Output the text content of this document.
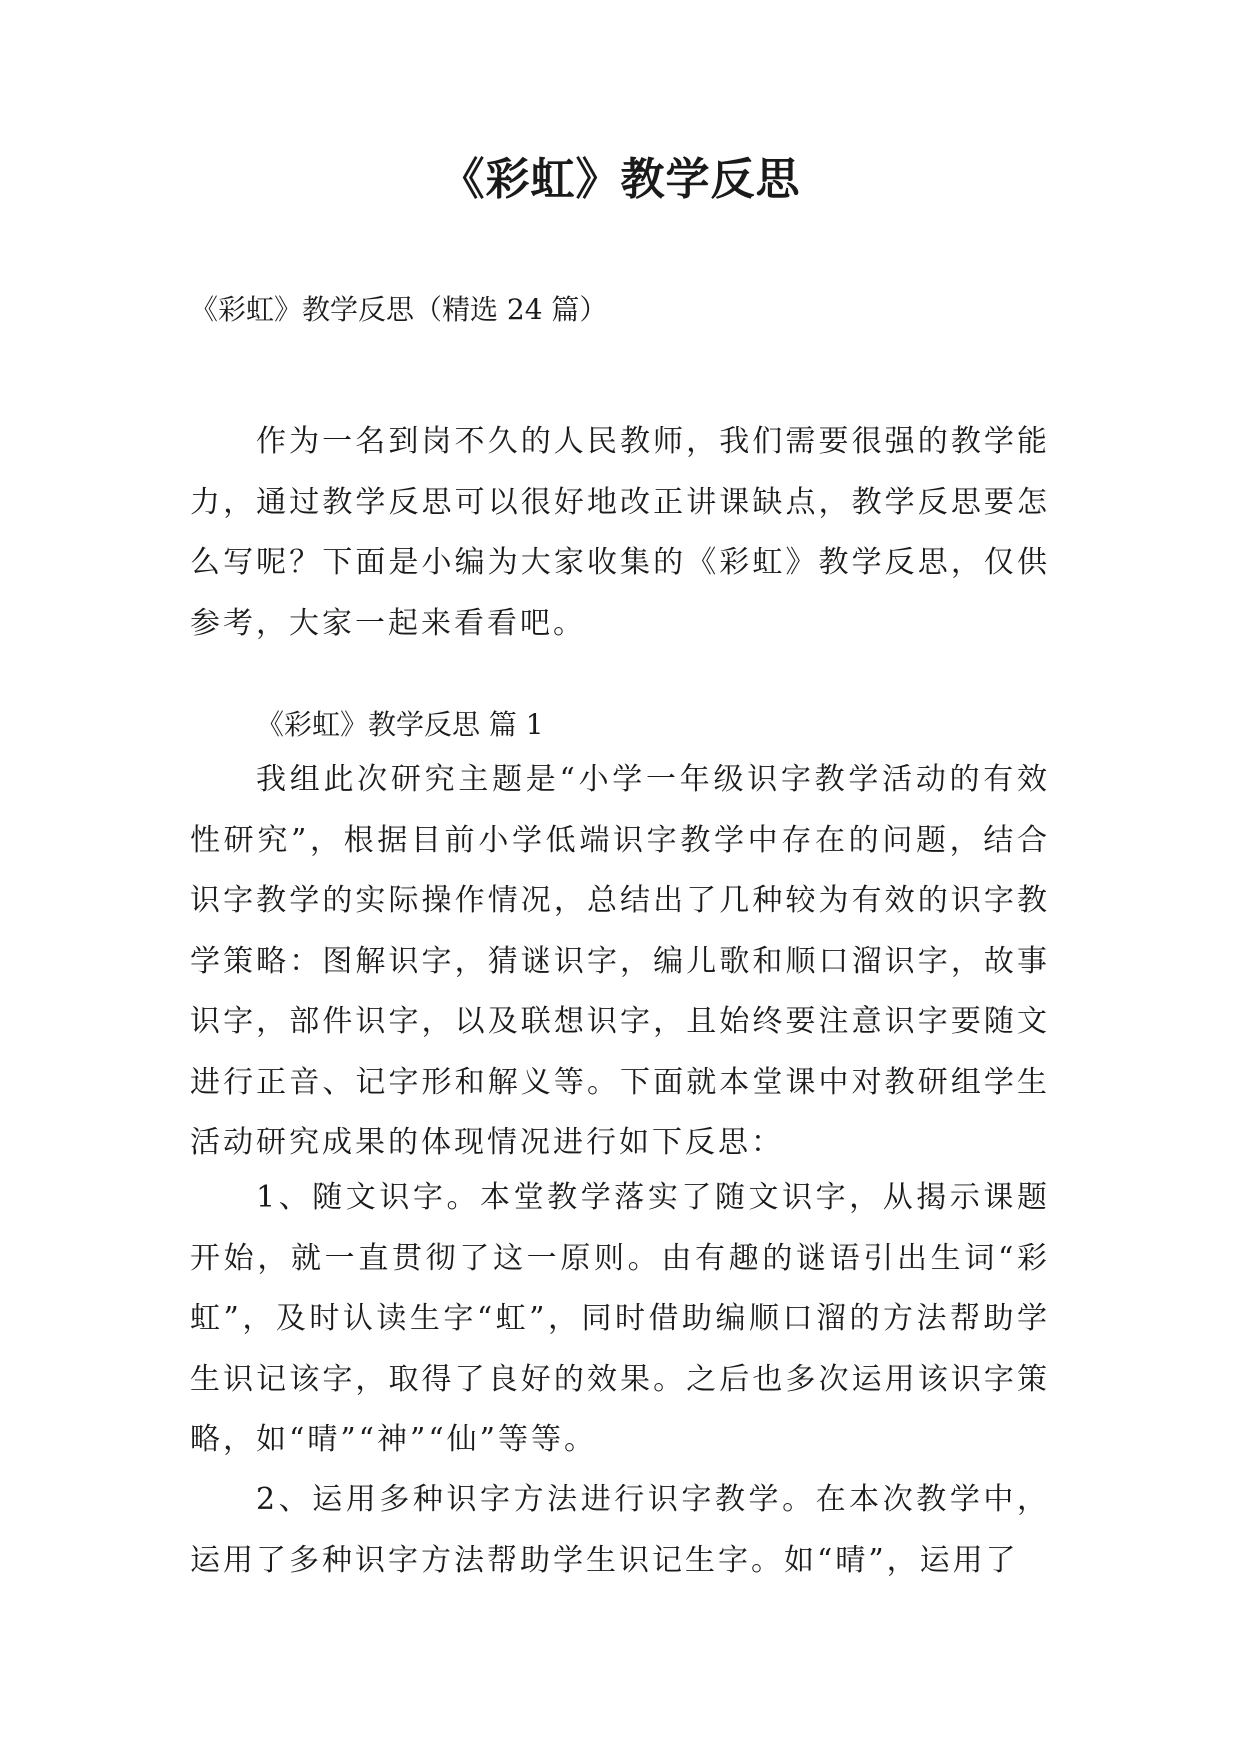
《彩虹》教学反思

《彩虹》教学反思（精选 24 篇）

作为一名到岗不久的人民教师，我们需要很强的教学能力，通过教学反思可以很好地改正讲课缺点，教学反思要怎么写呢？下面是小编为大家收集的《彩虹》教学反思，仅供参考，大家一起来看看吧。

《彩虹》教学反思 篇 1

我组此次研究主题是“小学一年级识字教学活动的有效性研究”，根据目前小学低端识字教学中存在的问题，结合识字教学的实际操作情况，总结出了几种较为有效的识字教学策略：图解识字，猜谜识字，编儿歌和顺口溜识字，故事识字，部件识字，以及联想识字，且始终要注意识字要随文进行正音、记字形和解义等。下面就本堂课中对教研组学生活动研究成果的体现情况进行如下反思：

1、随文识字。本堂教学落实了随文识字，从揭示课题开始，就一直贯彻了这一原则。由有趣的谜语引出生词“彩虹”，及时认读生字“虹”，同时借助编顺口溜的方法帮助学生识记该字，取得了良好的效果。之后也多次运用该识字策略，如“晴”“神”“仙”等等。

2、运用多种识字方法进行识字教学。在本次教学中，运用了多种识字方法帮助学生识记生字。如“晴”，运用了
